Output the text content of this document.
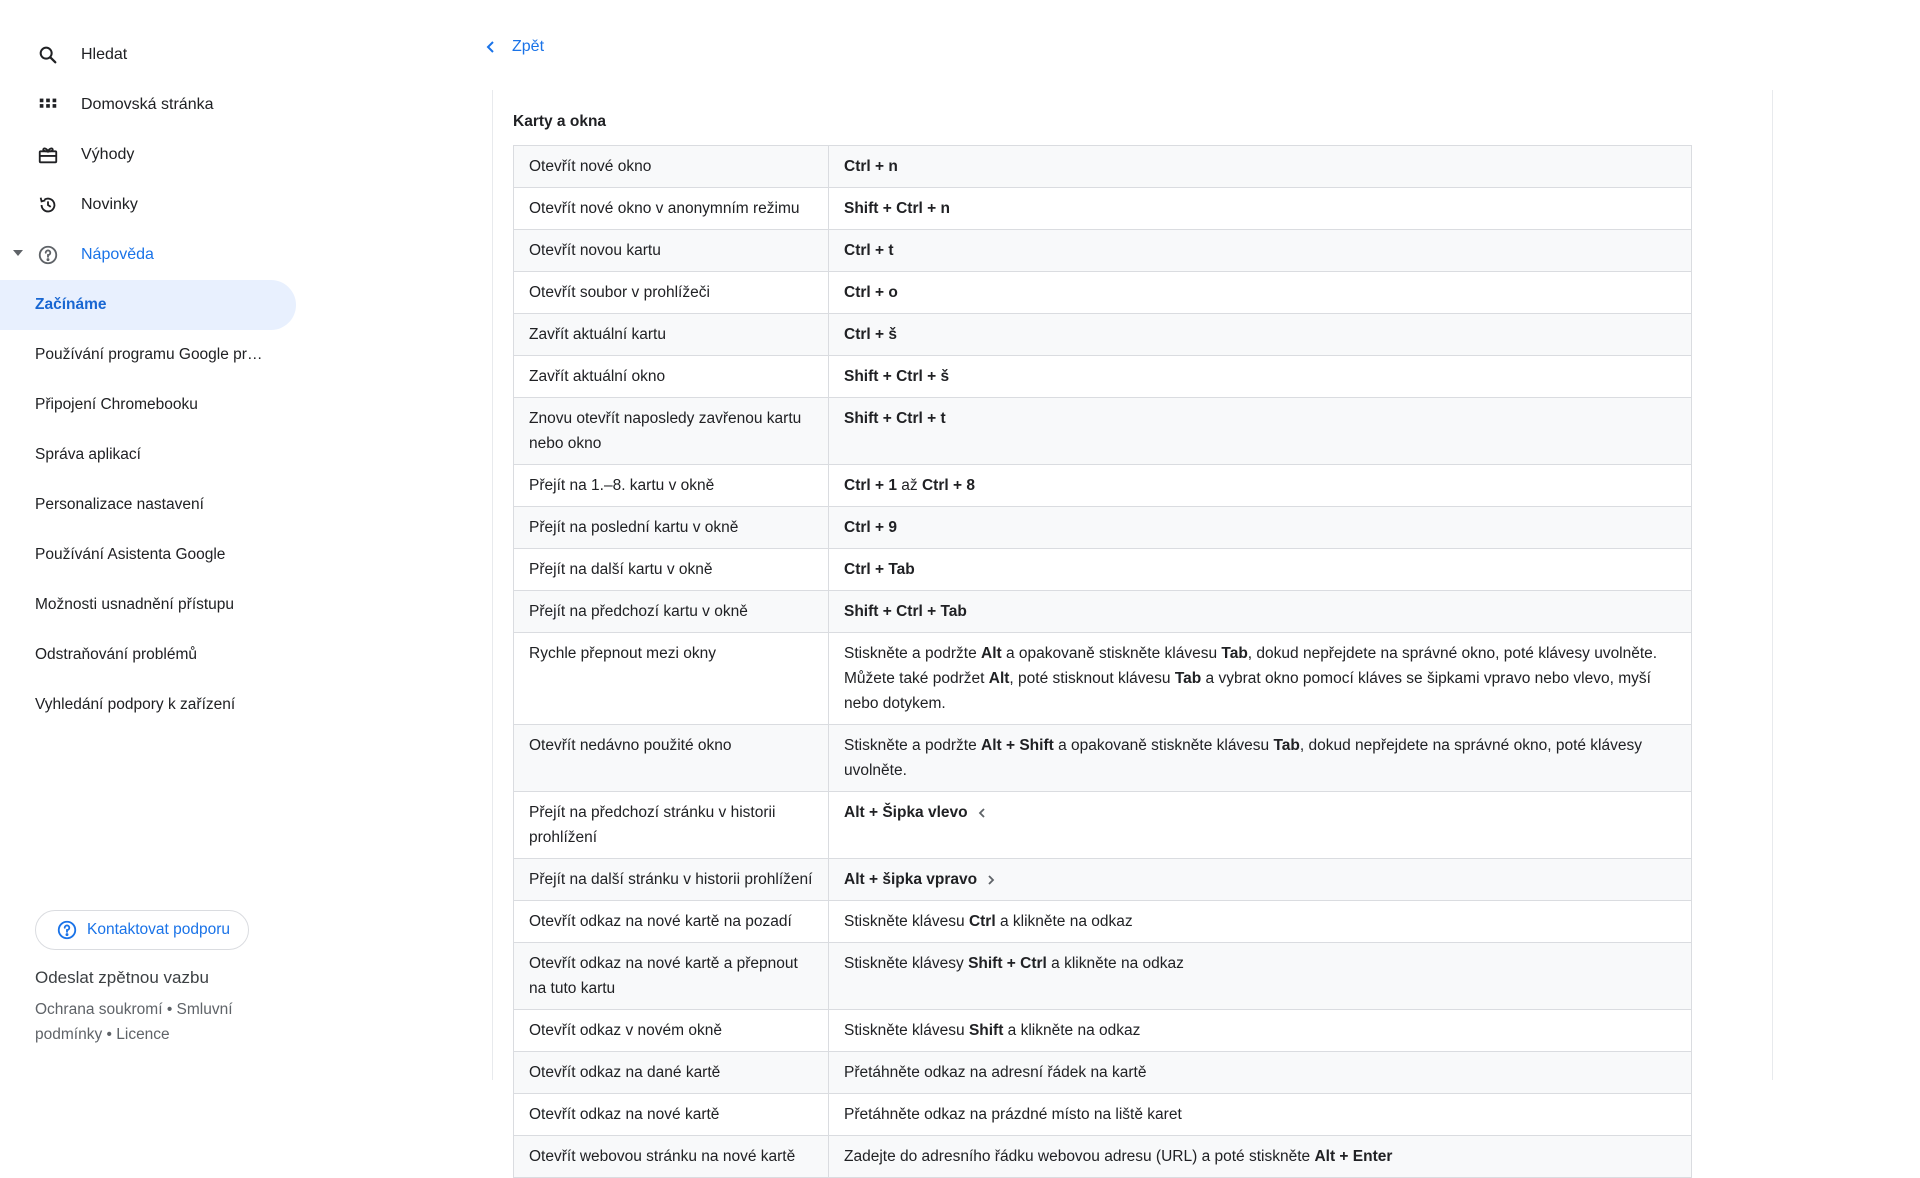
Hledat
Domovská stránka
Výhody
Novinky
Nápověda
Začínáme
Používání programu Google pr…
Připojení Chromebooku
Správa aplikací
Personalizace nastavení
Používání Asistenta Google
Možnosti usnadnění přístupu
Odstraňování problémů
Vyhledání podpory k zařízení
Kontaktovat podporu
Odeslat zpětnou vazbu
Ochrana soukromí • Smluvní podmínky • Licence
Zpět
Karty a okna
Otevřít nové okno	Ctrl + n
Otevřít nové okno v anonymním režimu	Shift + Ctrl + n
Otevřít novou kartu	Ctrl + t
Otevřít soubor v prohlížeči	Ctrl + o
Zavřít aktuální kartu	Ctrl + š
Zavřít aktuální okno	Shift + Ctrl + š
Znovu otevřít naposledy zavřenou kartu nebo okno	Shift + Ctrl + t
Přejít na 1.–8. kartu v okně	Ctrl + 1 až Ctrl + 8
Přejít na poslední kartu v okně	Ctrl + 9
Přejít na další kartu v okně	Ctrl + Tab
Přejít na předchozí kartu v okně	Shift + Ctrl + Tab
Rychle přepnout mezi okny	Stiskněte a podržte Alt a opakovaně stiskněte klávesu Tab, dokud nepřejdete na správné okno, poté klávesy uvolněte. Můžete také podržet Alt, poté stisknout klávesu Tab a vybrat okno pomocí kláves se šipkami vpravo nebo vlevo, myší nebo dotykem.
Otevřít nedávno použité okno	Stiskněte a podržte Alt + Shift a opakovaně stiskněte klávesu Tab, dokud nepřejdete na správné okno, poté klávesy uvolněte.
Přejít na předchozí stránku v historii prohlížení	Alt + Šipka vlevo
Přejít na další stránku v historii prohlížení	Alt + šipka vpravo
Otevřít odkaz na nové kartě na pozadí	Stiskněte klávesu Ctrl a klikněte na odkaz
Otevřít odkaz na nové kartě a přepnout na tuto kartu	Stiskněte klávesy Shift + Ctrl a klikněte na odkaz
Otevřít odkaz v novém okně	Stiskněte klávesu Shift a klikněte na odkaz
Otevřít odkaz na dané kartě	Přetáhněte odkaz na adresní řádek na kartě
Otevřít odkaz na nové kartě	Přetáhněte odkaz na prázdné místo na liště karet
Otevřít webovou stránku na nové kartě	Zadejte do adresního řádku webovou adresu (URL) a poté stiskněte Alt + Enter
